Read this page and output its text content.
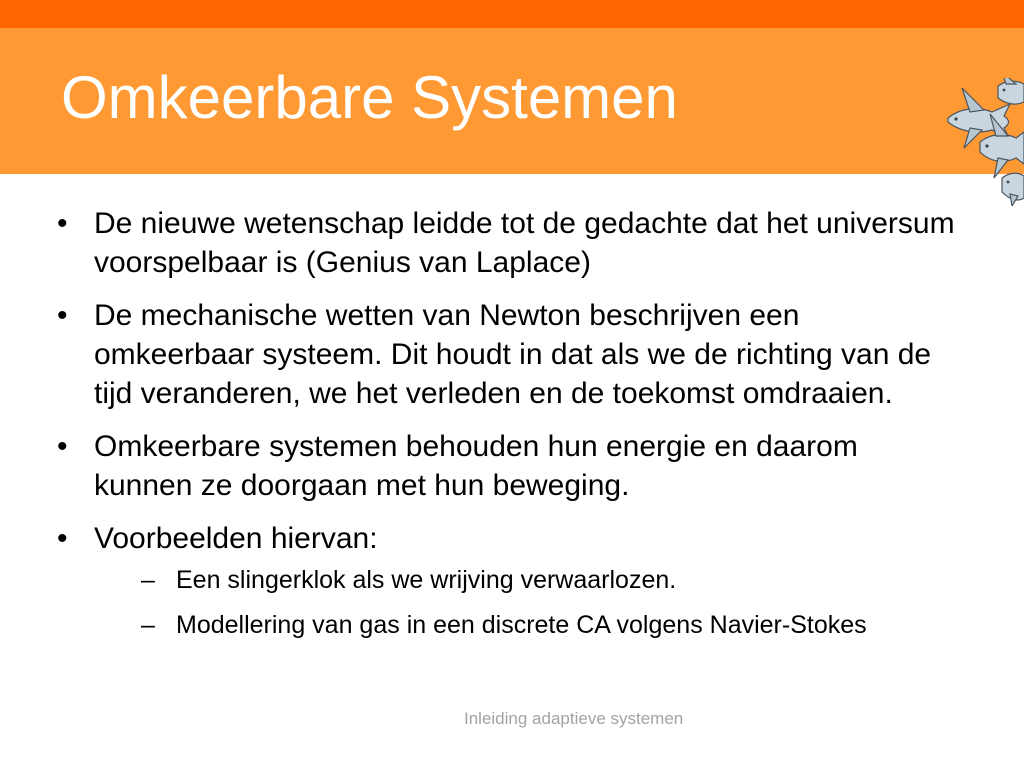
Omkeerbare Systemen
• De nieuwe wetenschap leidde tot de gedachte dat het universum voorspelbaar is (Genius van Laplace)
• De mechanische wetten van Newton beschrijven een omkeerbaar systeem. Dit houdt in dat als we de richting van de tijd veranderen, we het verleden en de toekomst omdraaien.
• Omkeerbare systemen behouden hun energie en daarom kunnen ze doorgaan met hun beweging.
• Voorbeelden hiervan:
– Een slingerklok als we wrijving verwaarlozen.
– Modellering van gas in een discrete CA volgens Navier-Stokes
Inleiding adaptieve systemen
